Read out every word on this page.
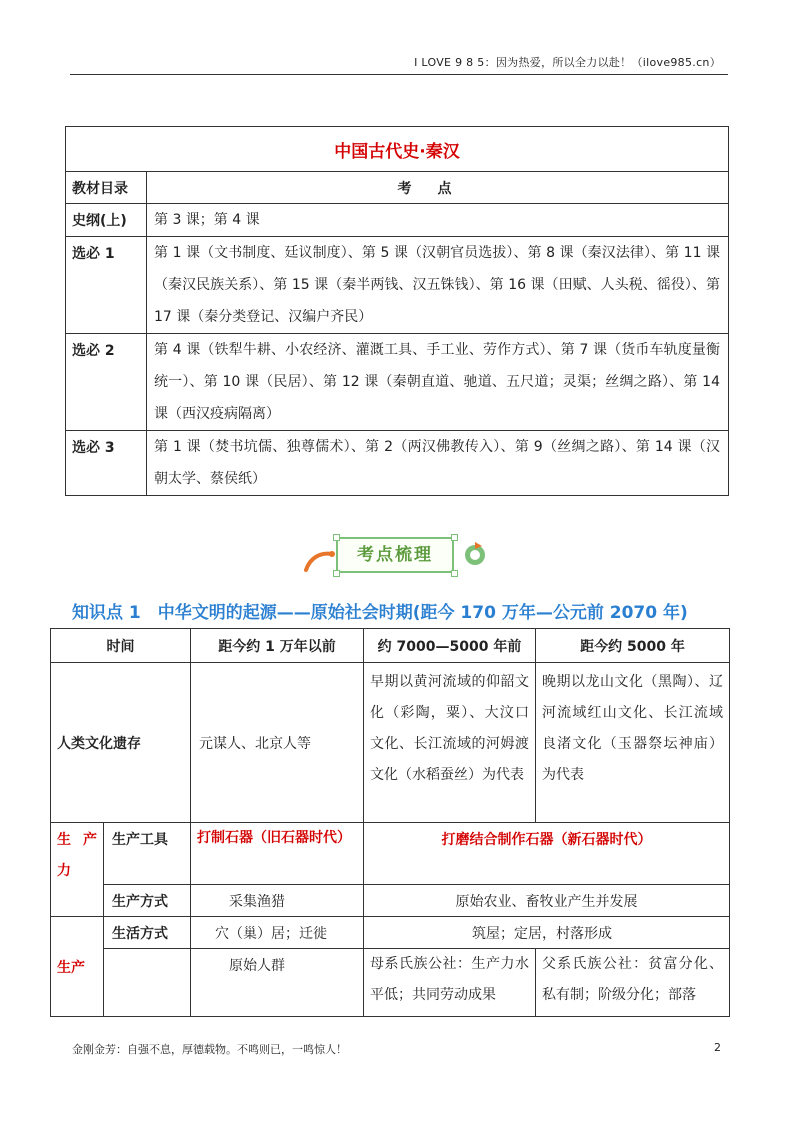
I LOVE 9 8 5：因为热爱，所以全力以赴！（ilove985.cn）
中国古代史·秦汉	
教材目录	考点
史纲(上)	第 3 课；第 4 课
选必 1	第 1 课（文书制度、廷议制度）、第 5 课（汉朝官员选拔）、第 8 课（秦汉法律）、第 11 课（秦汉民族关系）、第 15 课（秦半两钱、汉五铢钱）、第 16 课（田赋、人头税、徭役）、第 17 课（秦分类登记、汉编户齐民）
选必 2	第 4 课（铁犁牛耕、小农经济、灌溉工具、手工业、劳作方式）、第 7 课（货币车轨度量衡统一）、第 10 课（民居）、第 12 课（秦朝直道、驰道、五尺道；灵渠；丝绸之路）、第 14 课（西汉疫病隔离）
选必 3	第 1 课（焚书坑儒、独尊儒术）、第 2（两汉佛教传入）、第 9（丝绸之路）、第 14 课（汉朝太学、蔡侯纸）
考点梳理
知识点 1　中华文明的起源——原始社会时期(距今 170 万年—公元前 2070 年)
时间		距今约 1 万年以前	约 7000—5000 年前	距今约 5000 年
人类文化遗存		元谋人、北京人等	早期以黄河流域的仰韶文化（彩陶，粟）、大汶口文化、长江流域的河姆渡文化（水稻蚕丝）为代表	晚期以龙山文化（黑陶）、辽河流域红山文化、长江流域良渚文化（玉器祭坛神庙）为代表
生产力	生产工具	打制石器（旧石器时代）	打磨结合制作石器（新石器时代）	
	生产方式	采集渔猎	原始农业、畜牧业产生并发展	
生产	生活方式	穴（巢）居；迁徙	筑屋；定居，村落形成	
		原始人群	母系氏族公社：生产力水平低；共同劳动成果	父系氏族公社：贫富分化、私有制；阶级分化；部落
金刚金芳：自强不息，厚德载物。不鸣则已，一鸣惊人！	2
